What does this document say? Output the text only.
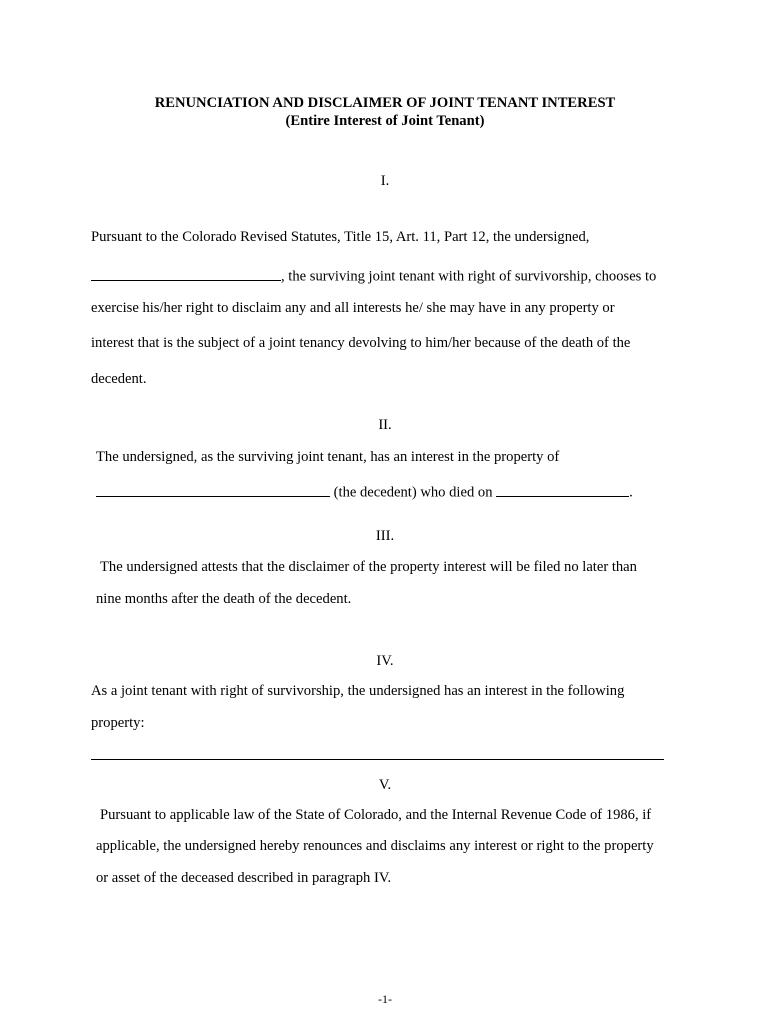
RENUNCIATION AND DISCLAIMER OF JOINT TENANT INTEREST
(Entire Interest of Joint Tenant)
I.
Pursuant to the Colorado Revised Statutes, Title 15, Art. 11, Part 12, the undersigned,
, the surviving joint tenant with right of survivorship, chooses to
exercise his/her right to disclaim any and all interests he/ she may have in any property or
interest that is the subject of a joint tenancy devolving to him/her because of the death of the
decedent.
II.
The undersigned, as the surviving joint tenant, has an interest in the property of
(the decedent) who died on	.
III.
The undersigned attests that the disclaimer of the property interest will be filed no later than
nine months after the death of the decedent.
IV.
As a joint tenant with right of survivorship, the undersigned has an interest in the following
property:
V.
Pursuant to applicable law of the State of Colorado, and the Internal Revenue Code of 1986, if
applicable, the undersigned hereby renounces and disclaims any interest or right to the property
or asset of the deceased described in paragraph IV.
-1-
